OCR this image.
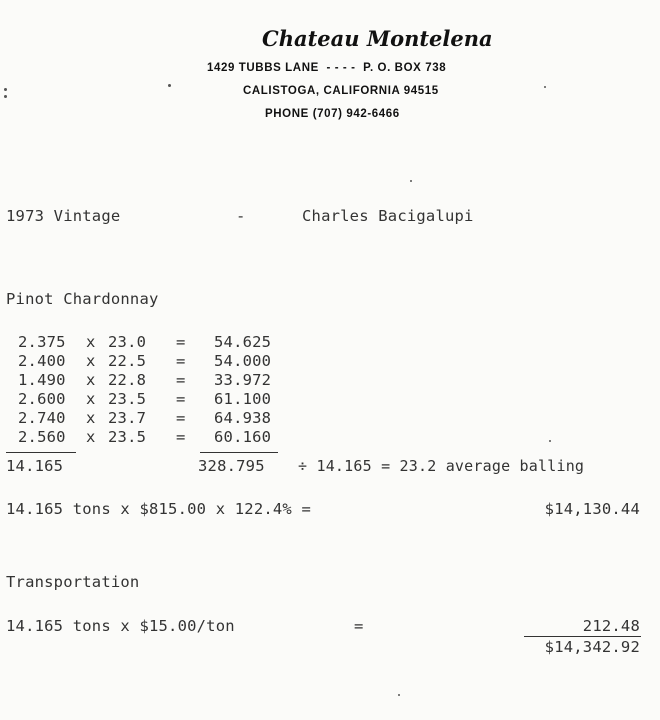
Chateau Montelena
1429 TUBBS LANE  - - - -  P. O. BOX 738
CALISTOGA, CALIFORNIA 94515
PHONE (707) 942-6466
1973 Vintage	-	Charles Bacigalupi
Pinot Chardonnay
2.375 x 23.0 = 54.625
2.400 x 22.5 = 54.000
1.490 x 22.8 = 33.972
2.600 x 23.5 = 61.100
2.740 x 23.7 = 64.938
2.560 x 23.5 = 60.160
14.165	328.795 ÷ 14.165 = 23.2 average balling
14.165 tons x $815.00 x 122.4% =	$14,130.44
Transportation
14.165 tons x $15.00/ton	=	212.48
$14,342.92
